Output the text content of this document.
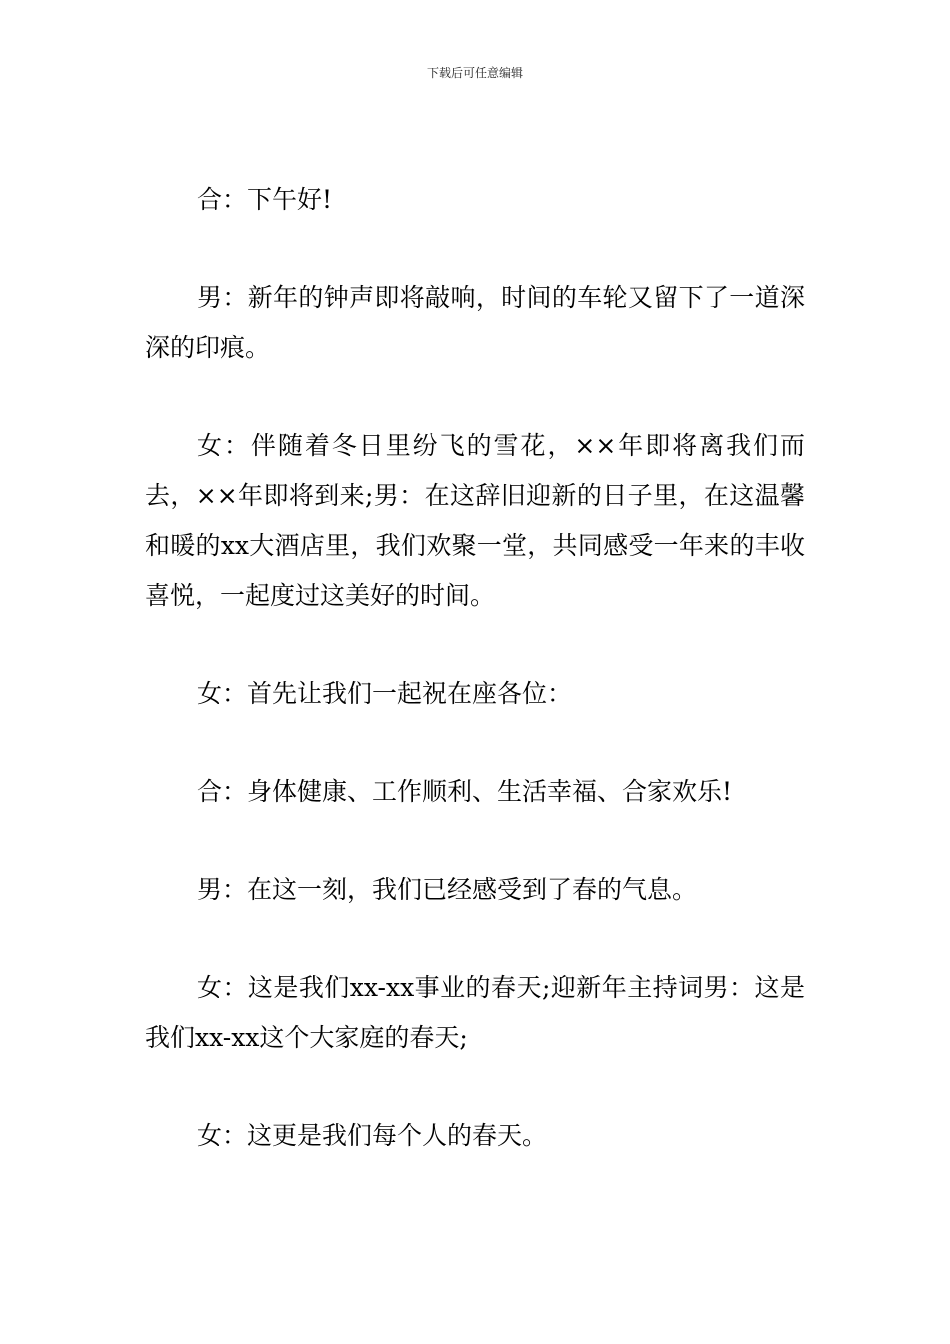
下载后可任意编辑

合：下午好!

男：新年的钟声即将敲响，时间的车轮又留下了一道深深的印痕。

女：伴随着冬日里纷飞的雪花，××年即将离我们而去，××年即将到来;男：在这辞旧迎新的日子里，在这温馨和暖的xx大酒店里，我们欢聚一堂，共同感受一年来的丰收喜悦，一起度过这美好的时间。

女：首先让我们一起祝在座各位：

合：身体健康、工作顺利、生活幸福、合家欢乐!

男：在这一刻，我们已经感受到了春的气息。

女：这是我们xx-xx事业的春天;迎新年主持词男：这是我们xx-xx这个大家庭的春天;

女：这更是我们每个人的春天。
